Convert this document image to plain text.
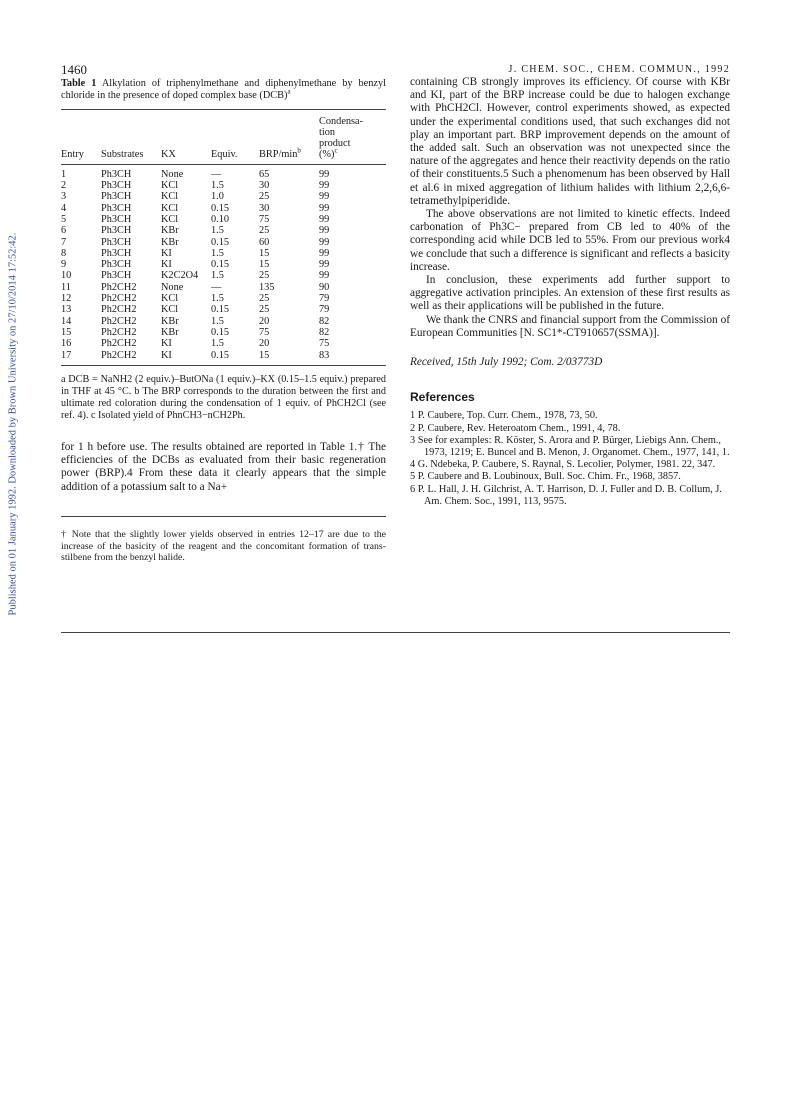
1460	J. CHEM. SOC., CHEM. COMMUN., 1992
Published on 01 January 1992. Downloaded by Brown University on 27/10/2014 17:52:42.
Table 1 Alkylation of triphenylmethane and diphenylmethane by benzyl chloride in the presence of doped complex base (DCB)$^a$
Entry	Substrates	KX	Equiv.	BRP/$\min^b$	Condensa-
tion
product
(%)$^c$

1	Ph3CH	None	—	65	99
2	Ph3CH	KCl	1.5	30	99
3	Ph3CH	KCl	1.0	25	99
4	Ph3CH	KCl	0.15	30	99
5	Ph3CH	KCl	0.10	75	99
6	Ph3CH	KBr	1.5	25	99
7	Ph3CH	KBr	0.15	60	99
8	Ph3CH	KI	1.5	15	99
9	Ph3CH	KI	0.15	15	99
10	Ph3CH	K2C2O4	1.5	25	99
11	Ph2CH2	None	—	135	90
12	Ph2CH2	KCl	1.5	25	79
13	Ph2CH2	KCl	0.15	25	79
14	Ph2CH2	KBr	1.5	20	82
15	Ph2CH2	KBr	0.15	75	82
16	Ph2CH2	KI	1.5	20	75
17	Ph2CH2	KI	0.15	15	83
a DCB = NaNH2 (2 equiv.)–ButONa (1 equiv.)–KX (0.15–1.5 equiv.) prepared in THF at 45 °C. b The BRP corresponds to the duration between the first and ultimate red coloration during the condensation of 1 equiv. of PhCH2Cl (see ref. 4). c Isolated yield of PhnCH3−nCH2Ph.
for 1 h before use. The results obtained are reported in Table 1.† The efficiencies of the DCBs as evaluated from their basic regeneration power (BRP).4 From these data it clearly appears that the simple addition of a potassium salt to a Na+
† Note that the slightly lower yields observed in entries 12–17 are due to the increase of the basicity of the reagent and the concomitant formation of trans-stilbene from the benzyl halide.

containing CB strongly improves its efficiency. Of course with KBr and KI, part of the BRP increase could be due to halogen exchange with PhCH2Cl. However, control experiments showed, as expected under the experimental conditions used, that such exchanges did not play an important part. BRP improvement depends on the amount of the added salt. Such an observation was not unexpected since the nature of the aggregates and hence their reactivity depends on the ratio of their constituents.5 Such a phenomenum has been observed by Hall et al.6 in mixed aggregation of lithium halides with lithium 2,2,6,6-tetramethylpiperidide.

The above observations are not limited to kinetic effects. Indeed carbonation of Ph3C− prepared from CB led to 40% of the corresponding acid while DCB led to 55%. From our previous work4 we conclude that such a difference is significant and reflects a basicity increase.

In conclusion, these experiments add further support to aggregative activation principles. An extension of these first results as well as their applications will be published in the future.

We thank the CNRS and financial support from the Commission of European Communities [N. SC1*-CT910657(SSMA)].

Received, 15th July 1992; Com. 2/03773D

References
1 P. Caubere, Top. Curr. Chem., 1978, 73, 50.
2 P. Caubere, Rev. Heteroatom Chem., 1991, 4, 78.
3 See for examples: R. Köster, S. Arora and P. Bürger, Liebigs Ann. Chem., 1973, 1219; E. Buncel and B. Menon, J. Organomet. Chem., 1977, 141, 1.
4 G. Ndebeka, P. Caubere, S. Raynal, S. Lecolier, Polymer, 1981. 22, 347.
5 P. Caubere and B. Loubinoux, Bull. Soc. Chim. Fr., 1968, 3857.
6 P. L. Hall, J. H. Gilchrist, A. T. Harrison, D. J. Fuller and D. B. Collum, J. Am. Chem. Soc., 1991, 113, 9575.
